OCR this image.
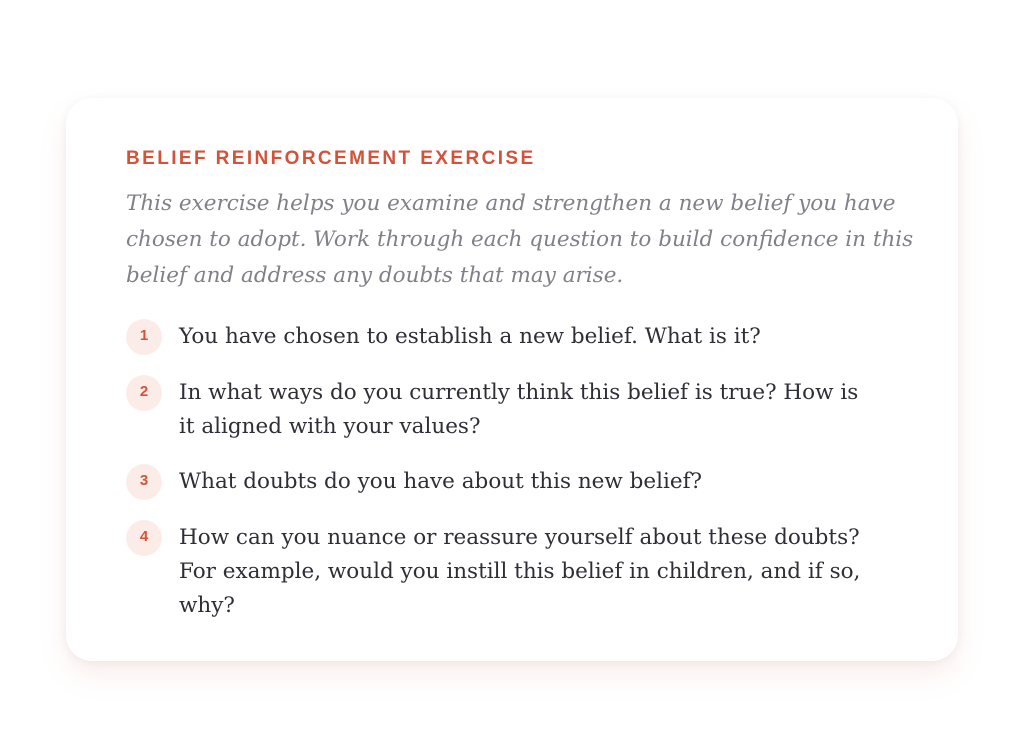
BELIEF REINFORCEMENT EXERCISE

This exercise helps you examine and strengthen a new belief you have chosen to adopt. Work through each question to build confidence in this belief and address any doubts that may arise.

1	You have chosen to establish a new belief. What is it?
2	In what ways do you currently think this belief is true? How is it aligned with your values?
3	What doubts do you have about this new belief?
4	How can you nuance or reassure yourself about these doubts? For example, would you instill this belief in children, and if so, why?
